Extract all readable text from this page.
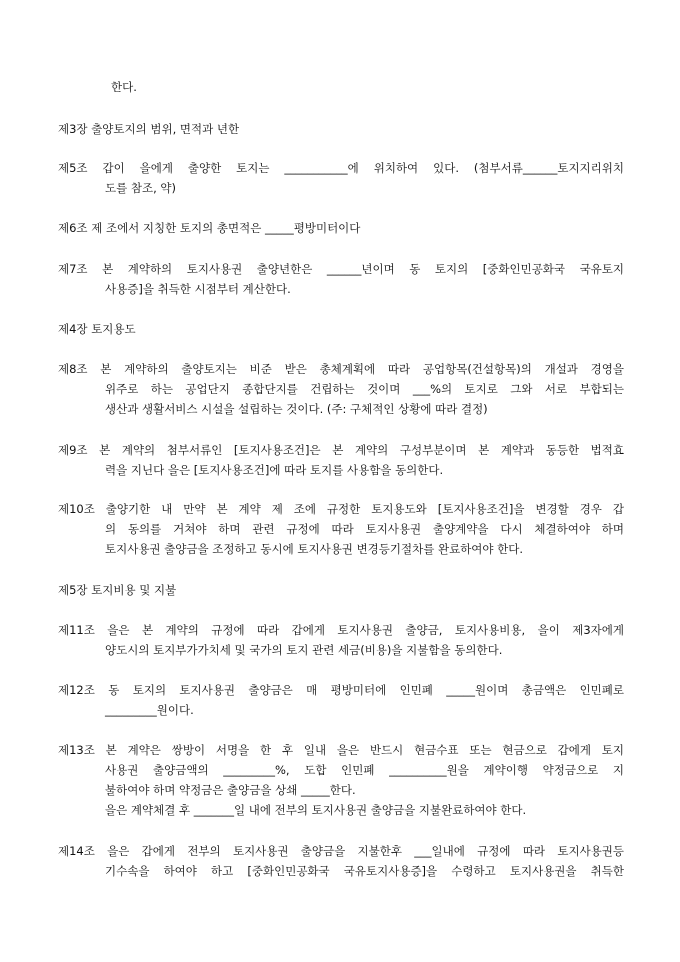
한다.
제3장 출양토지의 범위, 면적과 년한
제5조 갑이 을에게 출양한 토지는 ___________에 위치하여 있다. (첨부서류______토지지리위치
도를 참조, 약)
제6조 제 조에서 지칭한 토지의 총면적은 _____평방미터이다
제7조 본 계약하의 토지사용권 출양년한은 ______년이며 동 토지의 [중화인민공화국 국유토지
사용증]을 취득한 시점부터 계산한다.
제4장 토지용도
제8조 본 계약하의 출양토지는 비준 받은 총체계획에 따라 공업항목(건설항목)의 개설과 경영을
위주로 하는 공업단지 종합단지를 건립하는 것이며 ___%의 토지로 그와 서로 부합되는
생산과 생활서비스 시설을 설립하는 것이다. (주: 구체적인 상황에 따라 결정)
제9조 본 계약의 첨부서류인 [토지사용조건]은 본 계약의 구성부분이며 본 계약과 동등한 법적효
력을 지닌다 을은 [토지사용조건]에 따라 토지를 사용함을 동의한다.
제10조 출양기한 내 만약 본 계약 제 조에 규정한 토지용도와 [토지사용조건]을 변경할 경우 갑
의 동의를 거쳐야 하며 관련 규정에 따라 토지사용권 출양계약을 다시 체결하여야 하며
토지사용권 출양금을 조정하고 동시에 토지사용권 변경등기절차를 완료하여야 한다.
제5장 토지비용 및 지불
제11조 을은 본 계약의 규정에 따라 갑에게 토지사용권 출양금, 토지사용비용, 을이 제3자에게
양도시의 토지부가가치세 및 국가의 토지 관련 세금(비용)을 지불함을 동의한다.
제12조 동 토지의 토지사용권 출양금은 매 평방미터에 인민폐 _____원이며 총금액은 인민폐로
_________원이다.
제13조 본 계약은 쌍방이 서명을 한 후 일내 을은 반드시 현금수표 또는 현금으로 갑에게 토지
사용권 출양금액의 _________%, 도합 인민폐 __________원을 계약이행 약정금으로 지
불하여야 하며 약정금은 출양금을 상쇄 _____한다.
을은 계약체결 후 _______일 내에 전부의 토지사용권 출양금을 지불완료하여야 한다.
제14조 을은 갑에게 전부의 토지사용권 출양금을 지불한후 ___일내에 규정에 따라 토지사용권등
기수속을 하여야 하고 [중화인민공화국 국유토지사용증]을 수령하고 토지사용권을 취득한
